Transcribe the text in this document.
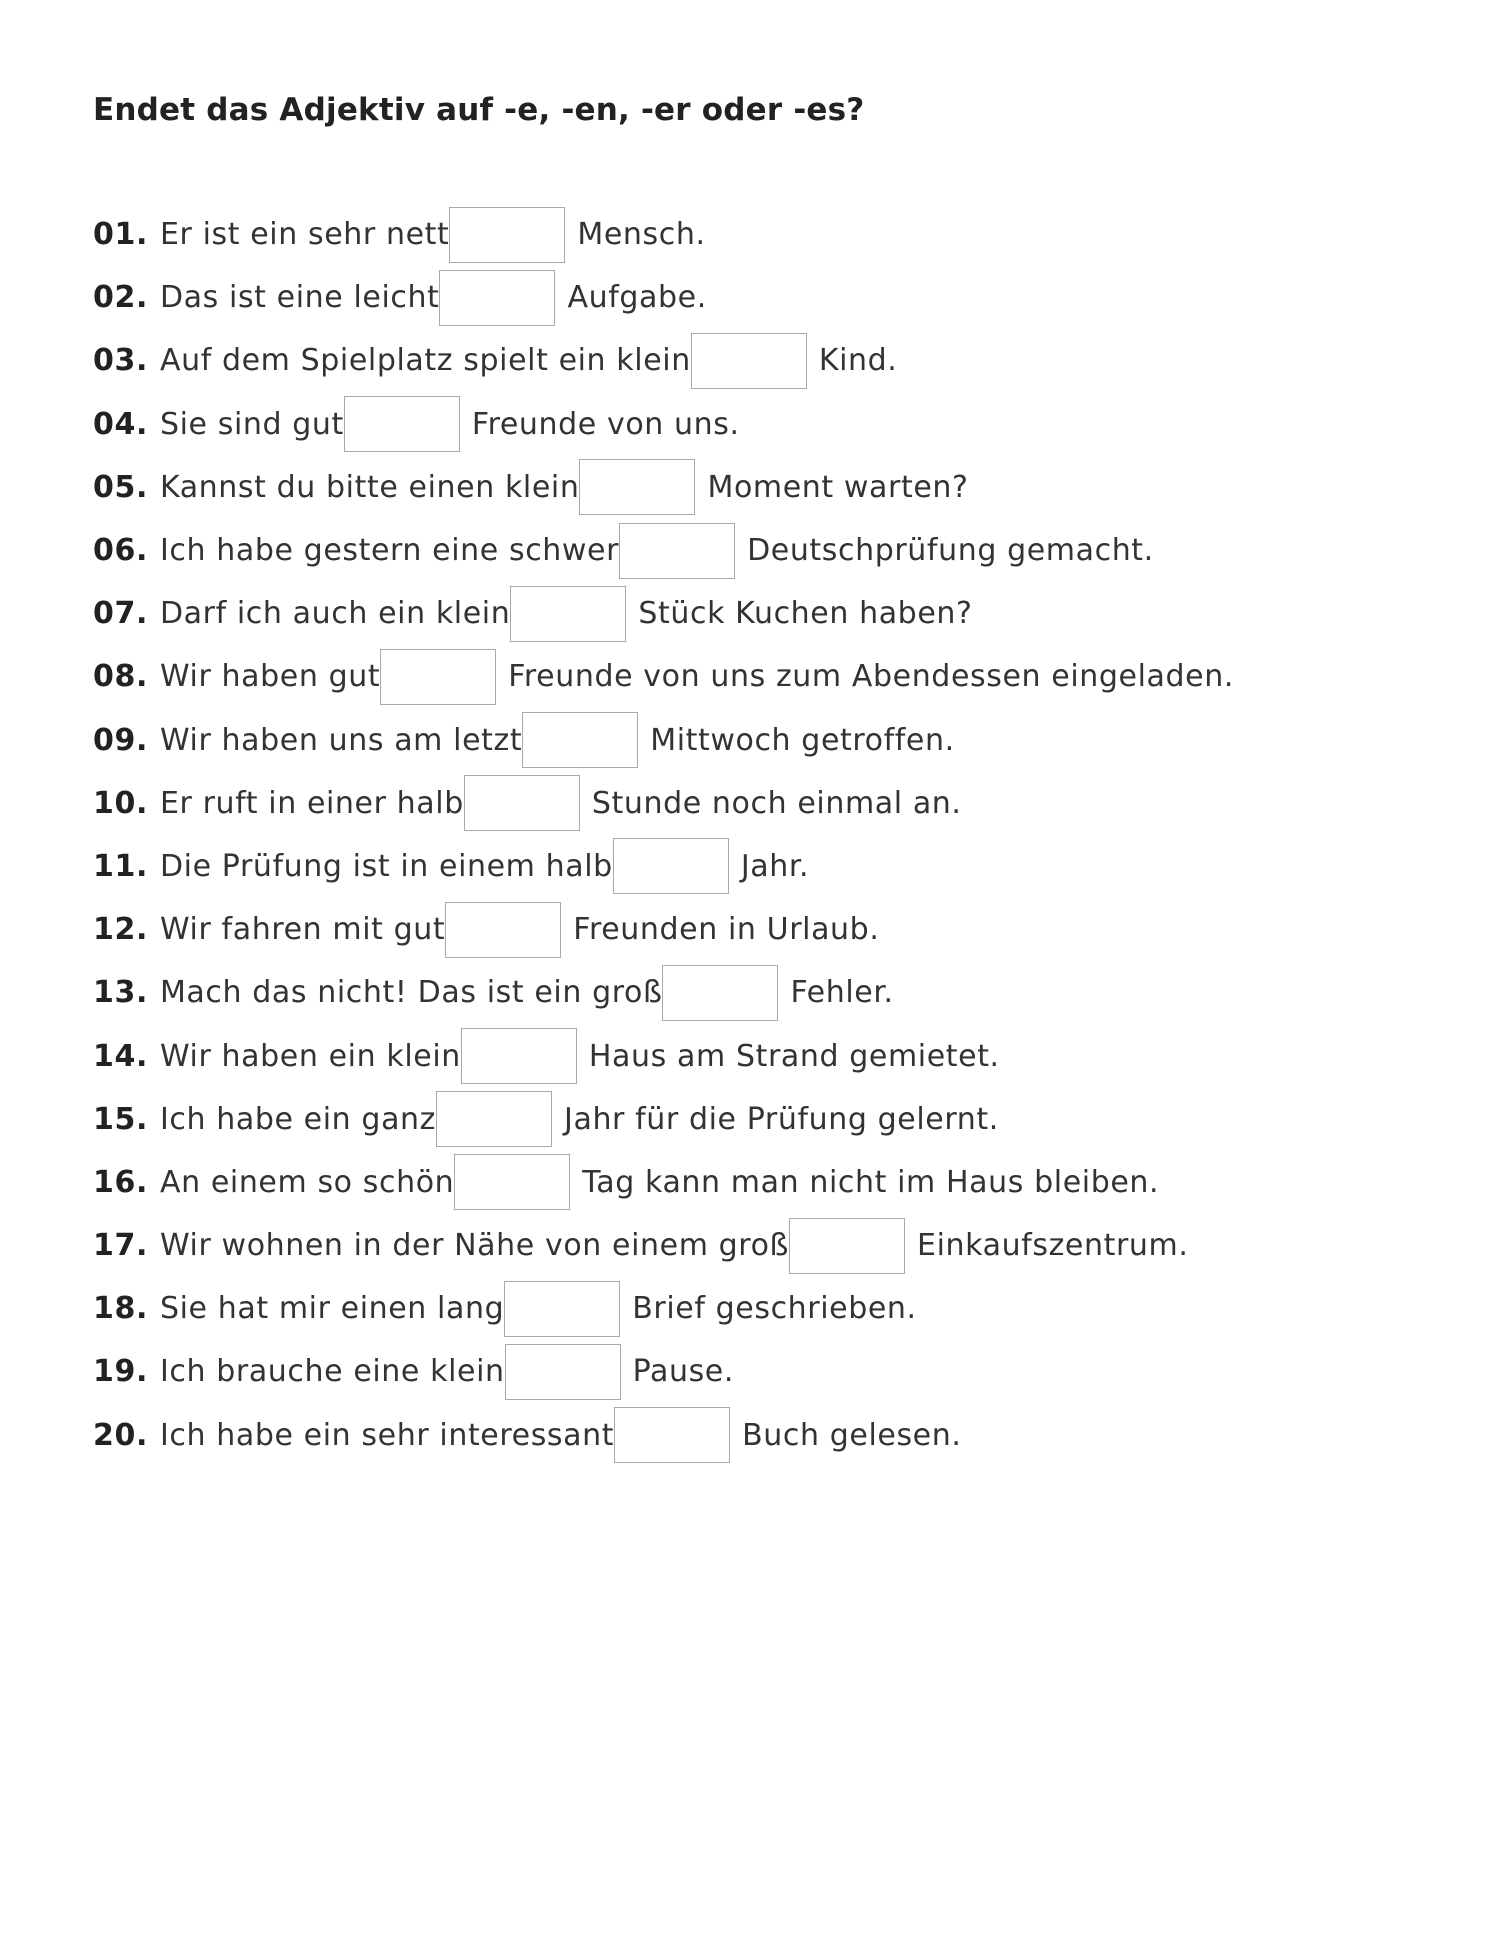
Endet das Adjektiv auf -e, -en, -er oder -es?
01. Er ist ein sehr nett	Mensch.
02. Das ist eine leicht	Aufgabe.
03. Auf dem Spielplatz spielt ein klein	Kind.
04. Sie sind gut	Freunde von uns.
05. Kannst du bitte einen klein	Moment warten?
06. Ich habe gestern eine schwer	Deutschprüfung gemacht.
07. Darf ich auch ein klein	Stück Kuchen haben?
08. Wir haben gut	Freunde von uns zum Abendessen eingeladen.
09. Wir haben uns am letzt	Mittwoch getroffen.
10. Er ruft in einer halb	Stunde noch einmal an.
11. Die Prüfung ist in einem halb	Jahr.
12. Wir fahren mit gut	Freunden in Urlaub.
13. Mach das nicht! Das ist ein groß	Fehler.
14. Wir haben ein klein	Haus am Strand gemietet.
15. Ich habe ein ganz	Jahr für die Prüfung gelernt.
16. An einem so schön	Tag kann man nicht im Haus bleiben.
17. Wir wohnen in der Nähe von einem groß	Einkaufszentrum.
18. Sie hat mir einen lang	Brief geschrieben.
19. Ich brauche eine klein	Pause.
20. Ich habe ein sehr interessant	Buch gelesen.
